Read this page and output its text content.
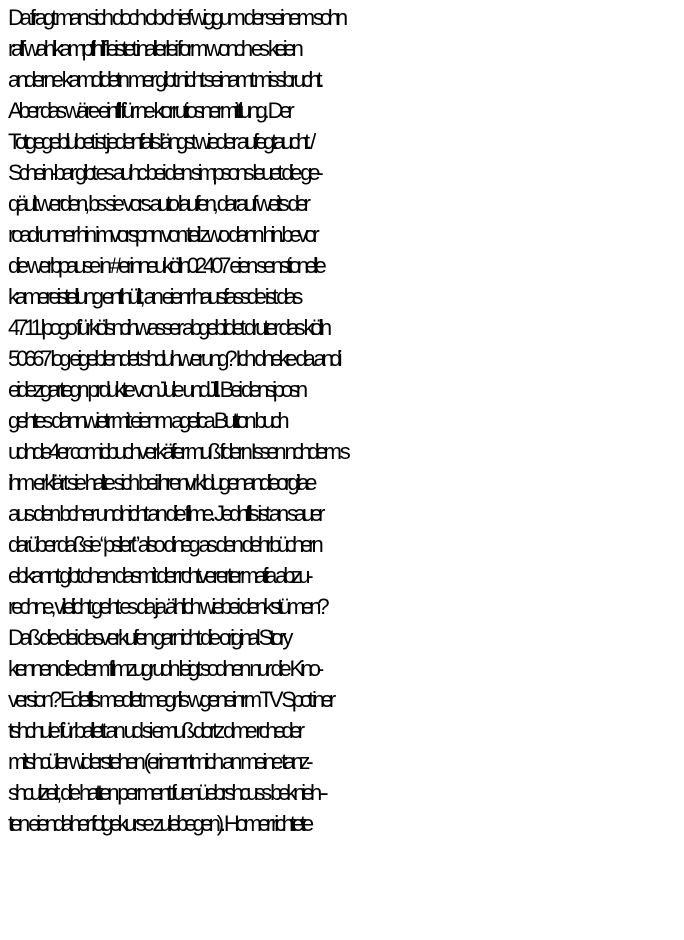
Da fragt man sich doch ob chief wiggum der seinem sohn
ralf wahlkampfhilf leistet inallerlei form wonch es keien
anderne kamdidetn mer gibt nicht seinamt missbrucht.
Aber das wäre einfll für ne korrutiosnermittlung. Der
Totgegeblubet ist jedenfalls längst wieder aufegtaucht. /
Schein-bar gibt es auhc bei den simpsons leuet die ge-
qäult werden, bs sie vors auto laufen, darauf weits der
roadrunner hin imvorspnn von teil zwo dann hin.bevor
die werbpause in #erinneukölln02407 eien senstionelle
kamereistellung enthüllt, an eienr hausfassde ist das
4711 lpogo fürkölsncihwasser abgebildet druter das kölln
50667 log eigeblendet shcluhwerung? Ich dneke da andi
eidezgartegn prdukte vonJule undJill. Bei densiposn
gehtes dannwietr mit eienm agelica Button buch
udnde4er comicbuchverkäfer muß fdern Issen nchdem s
ihm erklärt sie halte sich bei ihrenvrkldugenandieorgilae
aus den bcher undnicht an die filme. Jednflls ist an sauer
darüber daßsie “psilert” also dineg as den dehrbüchern
ebkannt gibt ohen dasmit der rchtverertermafia abzu-
rechne, vilelicht geht es da ja ählich wiebei denkstümen?
Daß die dei dasverkufen garnicht die original Story
kennen die dem filmzugrudn leigt sodnen nur die Kino-
version? Edeflls medlet megr lis wgeneinrm TV Spot iner
tshchule für ballett an ud si emuß dortz dme rcheder
mitshcüler widerstehen (erinenr tmich an meine tanz-
shculzeit, die hatten perment fuenüebrshcuss beknieh--
ten eiendaher folgekurse zulebegen). Homer richtete
